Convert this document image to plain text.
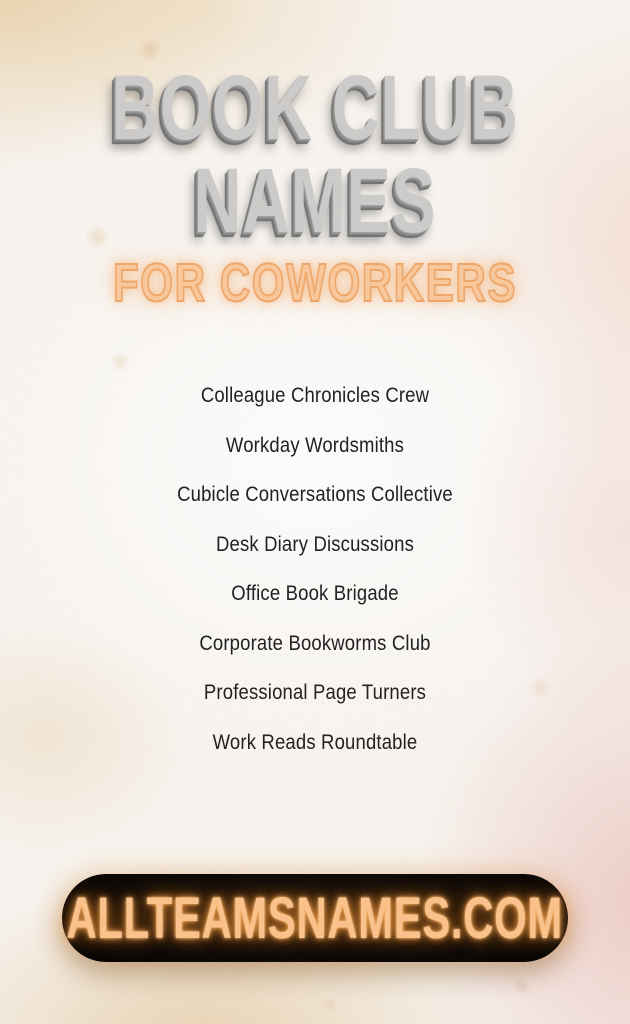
BOOK CLUB
NAMES
FOR COWORKERS
Colleague Chronicles Crew
Workday Wordsmiths
Cubicle Conversations Collective
Desk Diary Discussions
Office Book Brigade
Corporate Bookworms Club
Professional Page Turners
Work Reads Roundtable
ALLTEAMSNAMES.COM
